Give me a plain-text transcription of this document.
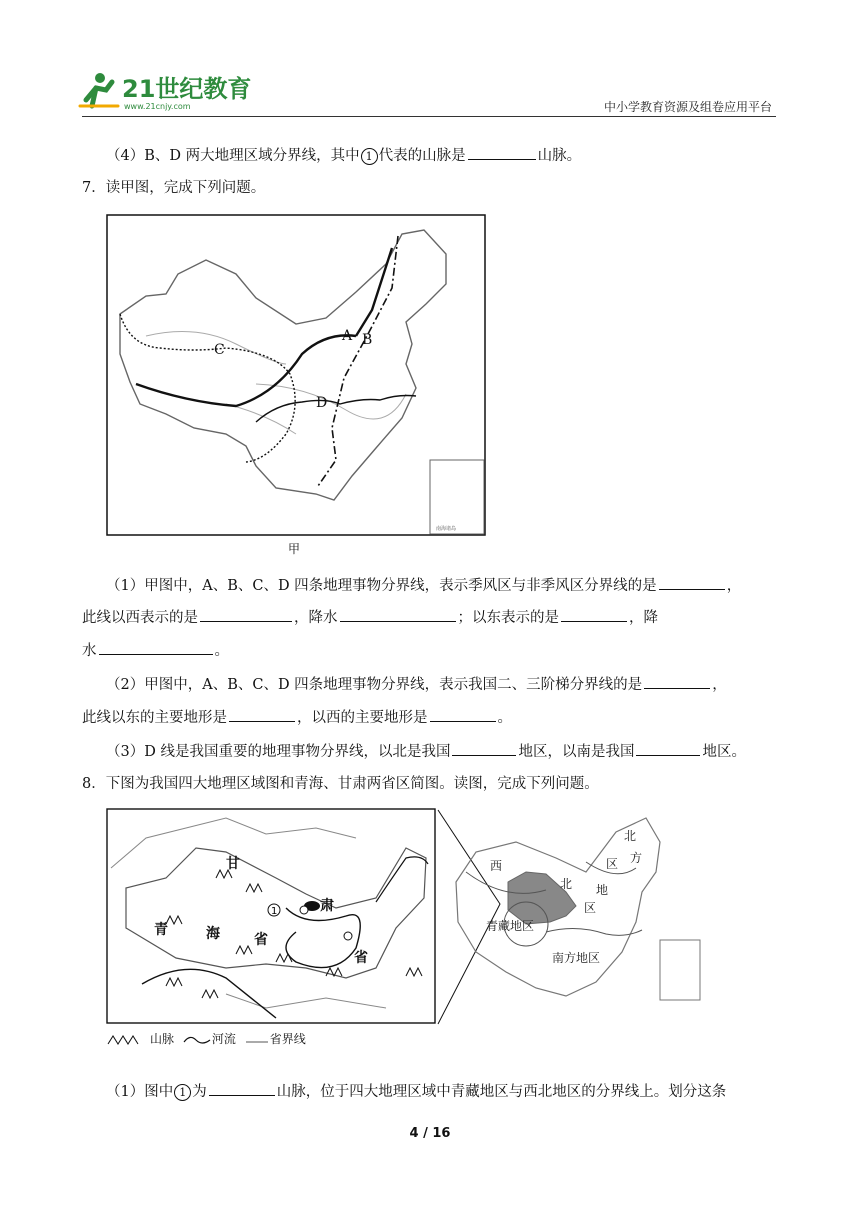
21世纪教育
www.21cnjy.com	中小学教育资源及组卷应用平台
（4）B、D 两大地理区域分界线，其中 1 代表的山脉是	山脉。
7．读甲图，完成下列问题。
南海诸岛
A B
C
D
甲
（1）甲图中，A、B、C、D 四条地理事物分界线，表示季风区与非季风区分界线的是	，
此线以西表示的是	，降水	；以东表示的是	，降
水	。
（2）甲图中，A、B、C、D 四条地理事物分界线，表示我国二、三阶梯分界线的是	，
此线以东的主要地形是	，以西的主要地形是	。
（3）D 线是我国重要的地理事物分界线，以北是我国	地区，以南是我国	地区。
8．下图为我国四大地理区域图和青海、甘肃两省区简图。读图，完成下列问题。
1
甘
肃
青	海 省
省
西
北 地
区
北
方
区
青藏地区
南方地区
山脉	河流	省界线
（1）图中 1 为	山脉，位于四大地理区域中青藏地区与西北地区的分界线上。划分这条
4 / 16
